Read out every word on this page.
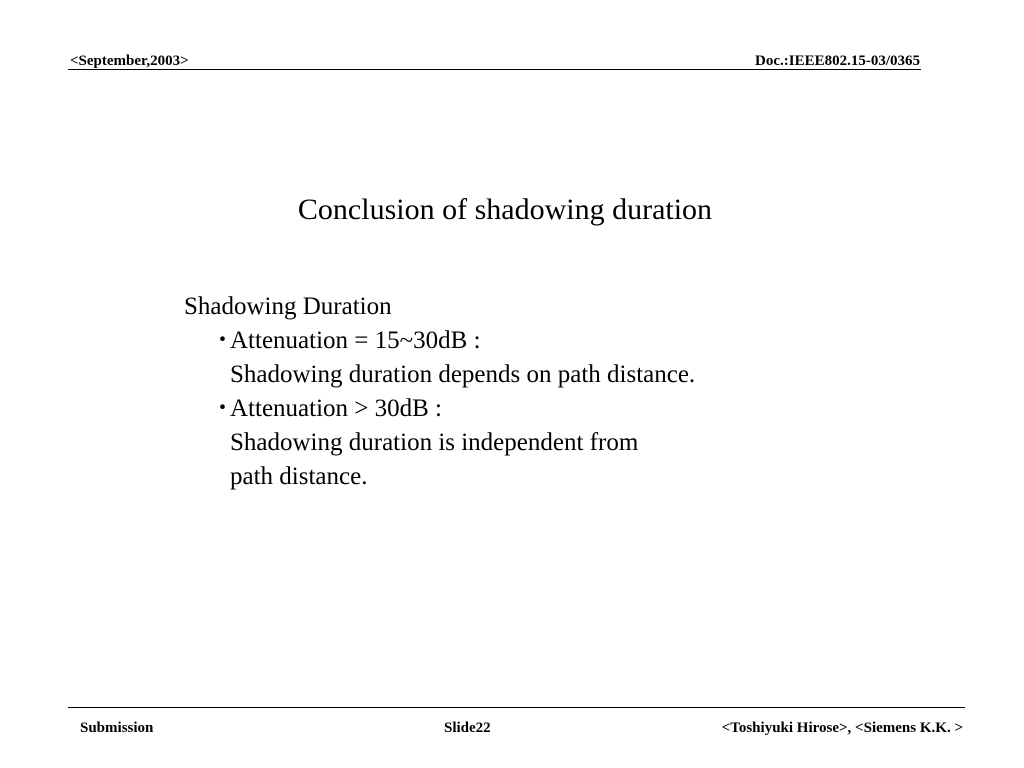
<September,2003>	Doc.:IEEE802.15-03/0365
Conclusion of shadowing duration
Shadowing Duration
・Attenuation = 15~30dB :
Shadowing duration depends on path distance.
・Attenuation > 30dB :
Shadowing duration is independent from
path distance.
Submission	Slide22	<Toshiyuki Hirose>, <Siemens K.K. >
